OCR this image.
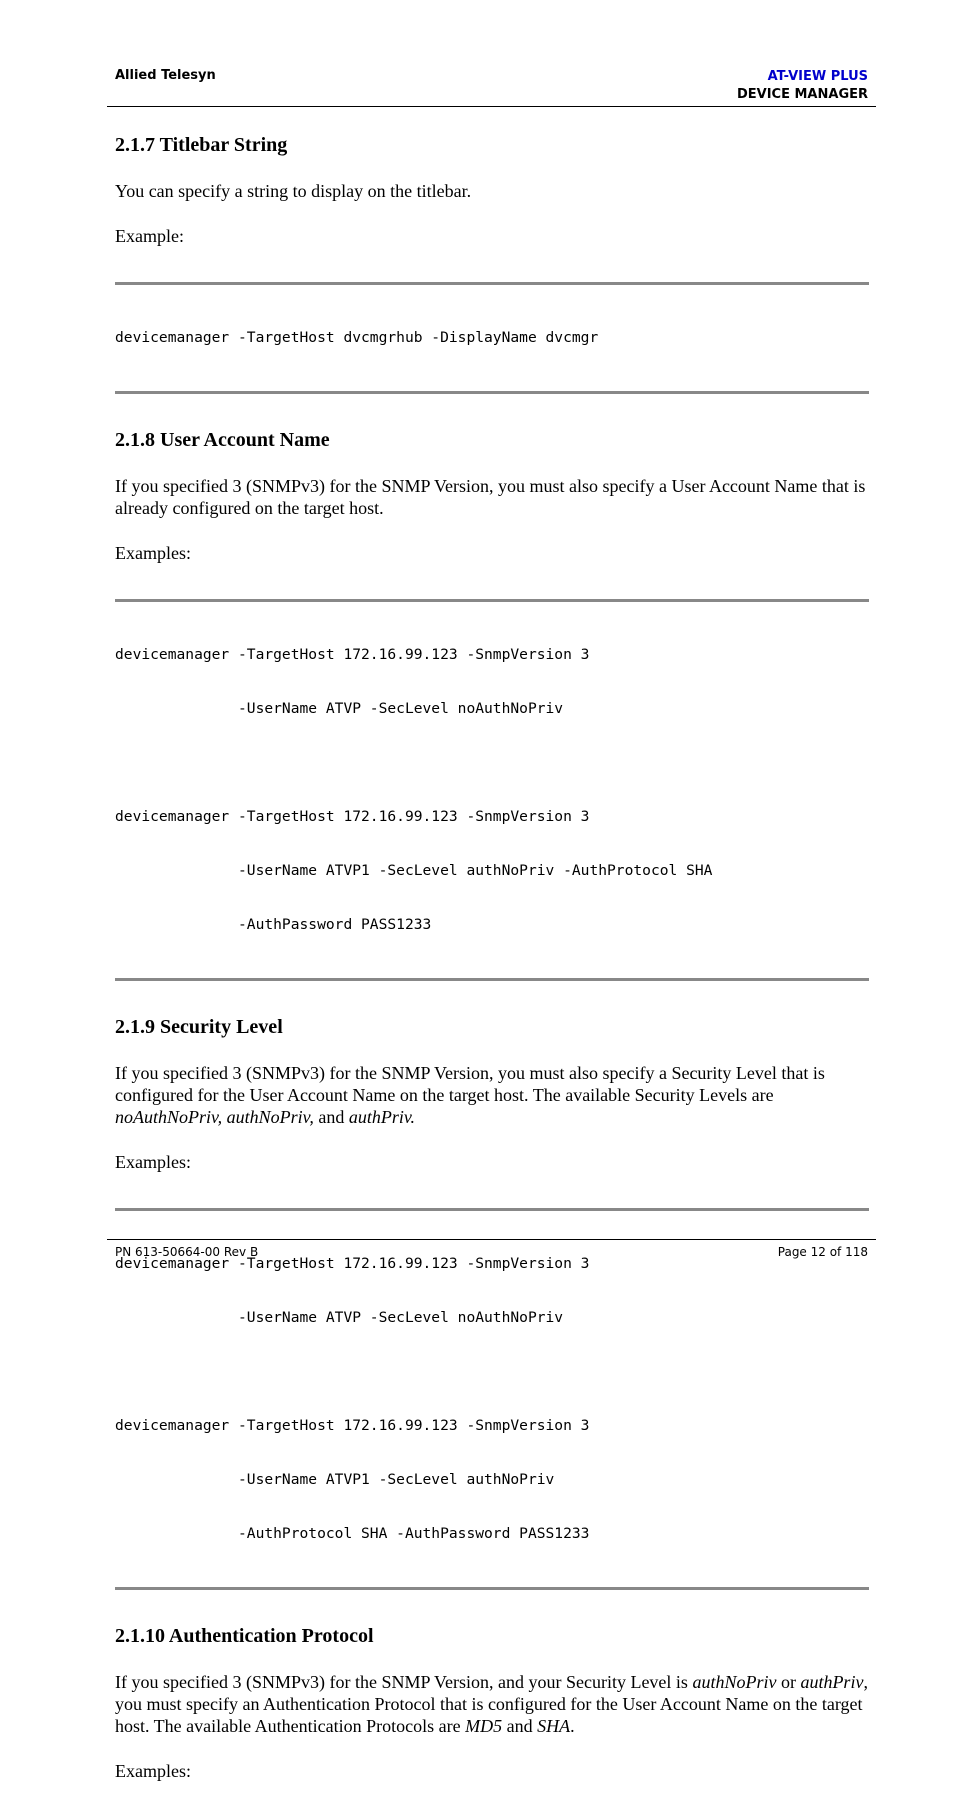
Allied Telesyn	AT-VIEW PLUS
DEVICE MANAGER
2.1.7 Titlebar String

You can specify a string to display on the titlebar.

Example:

devicemanager -TargetHost dvcmgrhub -DisplayName dvcmgr

2.1.8 User Account Name

If you specified 3 (SNMPv3) for the SNMP Version, you must also specify a User Account Name that is already configured on the target host.

Examples:

devicemanager -TargetHost 172.16.99.123 -SnmpVersion 3

-UserName ATVP -SecLevel noAuthNoPriv

devicemanager -TargetHost 172.16.99.123 -SnmpVersion 3

-UserName ATVP1 -SecLevel authNoPriv -AuthProtocol SHA

-AuthPassword PASS1233

2.1.9 Security Level

If you specified 3 (SNMPv3) for the SNMP Version, you must also specify a Security Level that is configured for the User Account Name on the target host. The available Security Levels are noAuthNoPriv, authNoPriv, and authPriv.

Examples:

devicemanager -TargetHost 172.16.99.123 -SnmpVersion 3

-UserName ATVP -SecLevel noAuthNoPriv

devicemanager -TargetHost 172.16.99.123 -SnmpVersion 3

-UserName ATVP1 -SecLevel authNoPriv

-AuthProtocol SHA -AuthPassword PASS1233

2.1.10 Authentication Protocol

If you specified 3 (SNMPv3) for the SNMP Version, and your Security Level is authNoPriv or authPriv, you must specify an Authentication Protocol that is configured for the User Account Name on the target host. The available Authentication Protocols are MD5 and SHA.

Examples:

PN 613-50664-00 Rev B	Page 12 of 118
